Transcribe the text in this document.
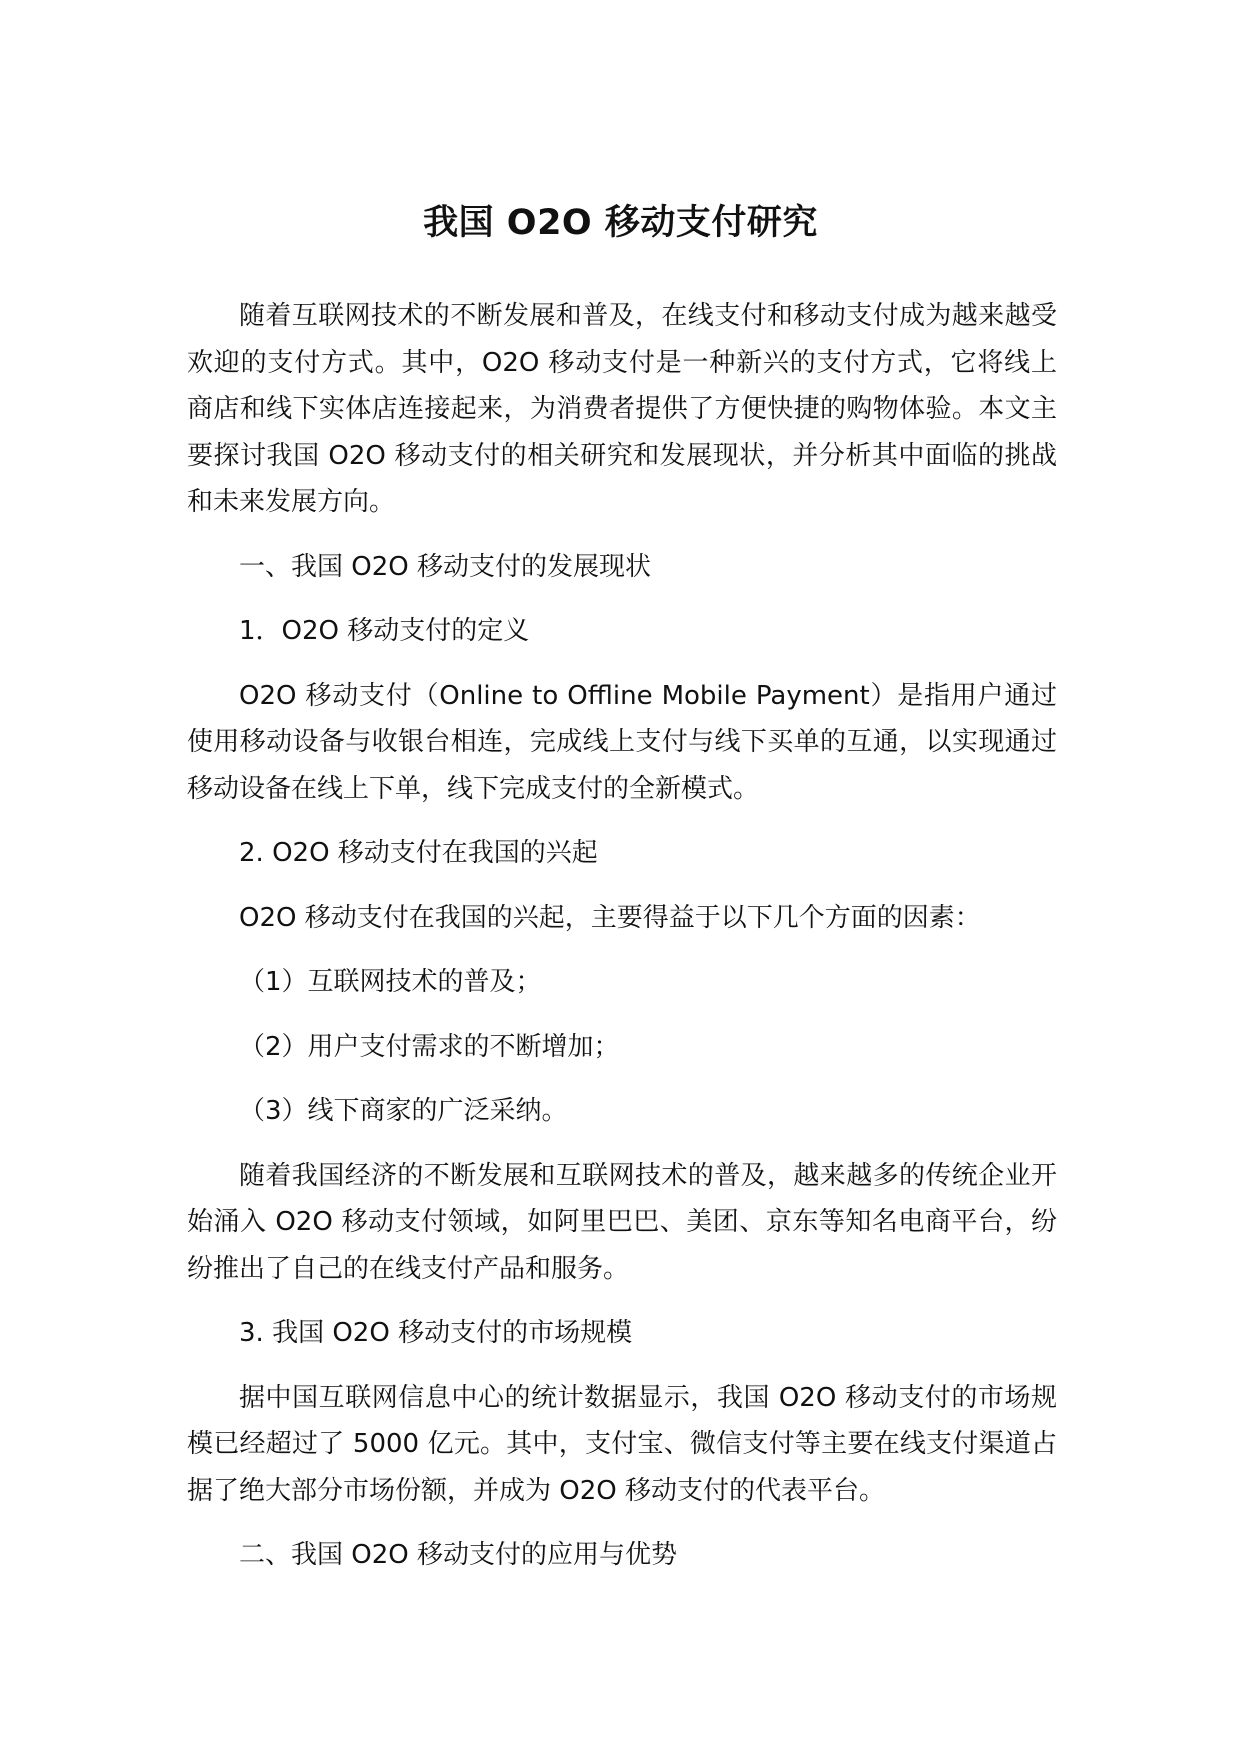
我国 O2O 移动支付研究

随着互联网技术的不断发展和普及，在线支付和移动支付成为越来越受欢迎的支付方式。其中，O2O 移动支付是一种新兴的支付方式，它将线上商店和线下实体店连接起来，为消费者提供了方便快捷的购物体验。本文主要探讨我国 O2O 移动支付的相关研究和发展现状，并分析其中面临的挑战和未来发展方向。

一、我国 O2O 移动支付的发展现状

1．O2O 移动支付的定义

O2O 移动支付（Online to Offline Mobile Payment）是指用户通过使用移动设备与收银台相连，完成线上支付与线下买单的互通，以实现通过移动设备在线上下单，线下完成支付的全新模式。

2. O2O 移动支付在我国的兴起

O2O 移动支付在我国的兴起，主要得益于以下几个方面的因素：

（1）互联网技术的普及；

（2）用户支付需求的不断增加；

（3）线下商家的广泛采纳。

随着我国经济的不断发展和互联网技术的普及，越来越多的传统企业开始涌入 O2O 移动支付领域，如阿里巴巴、美团、京东等知名电商平台，纷纷推出了自己的在线支付产品和服务。

3. 我国 O2O 移动支付的市场规模

据中国互联网信息中心的统计数据显示，我国 O2O 移动支付的市场规模已经超过了 5000 亿元。其中，支付宝、微信支付等主要在线支付渠道占据了绝大部分市场份额，并成为 O2O 移动支付的代表平台。

二、我国 O2O 移动支付的应用与优势
